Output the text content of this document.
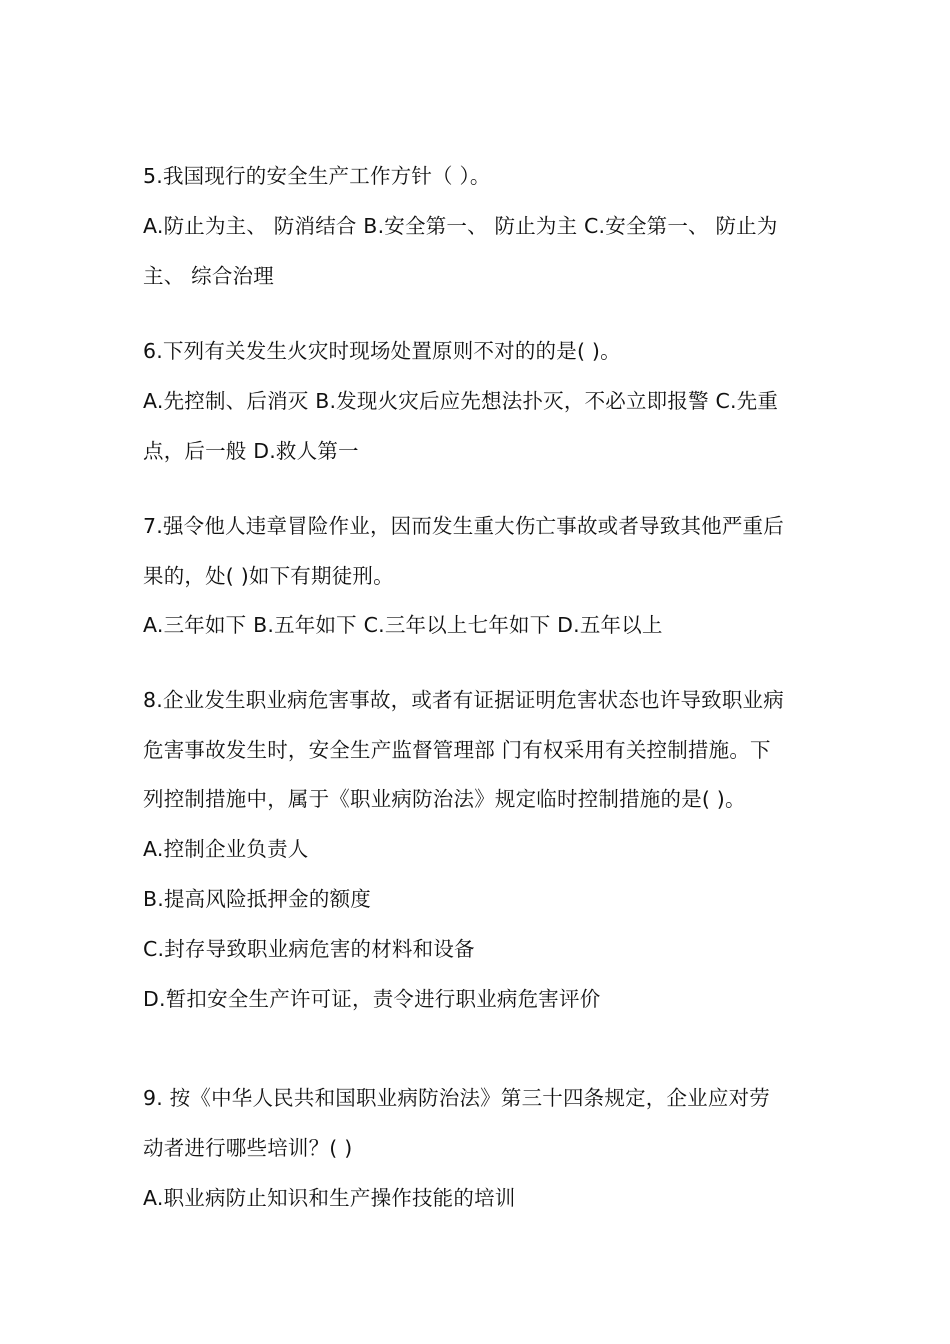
5.我国现行的安全生产工作方针（ ）。
A.防止为主、 防消结合 B.安全第一、 防止为主 C.安全第一、 防止为
主、 综合治理
6.下列有关发生火灾时现场处置原则不对的的是( )。
A.先控制、后消灭 B.发现火灾后应先想法扑灭，不必立即报警 C.先重
点，后一般 D.救人第一
7.强令他人违章冒险作业，因而发生重大伤亡事故或者导致其他严重后
果的，处( )如下有期徒刑。
A.三年如下 B.五年如下 C.三年以上七年如下 D.五年以上
8.企业发生职业病危害事故，或者有证据证明危害状态也许导致职业病
危害事故发生时，安全生产监督管理部 门有权采用有关控制措施。下
列控制措施中，属于《职业病防治法》规定临时控制措施的是( )。
A.控制企业负责人
B.提高风险抵押金的额度
C.封存导致职业病危害的材料和设备
D.暂扣安全生产许可证，责令进行职业病危害评价
9. 按《中华人民共和国职业病防治法》第三十四条规定，企业应对劳
动者进行哪些培训？( )
A.职业病防止知识和生产操作技能的培训
